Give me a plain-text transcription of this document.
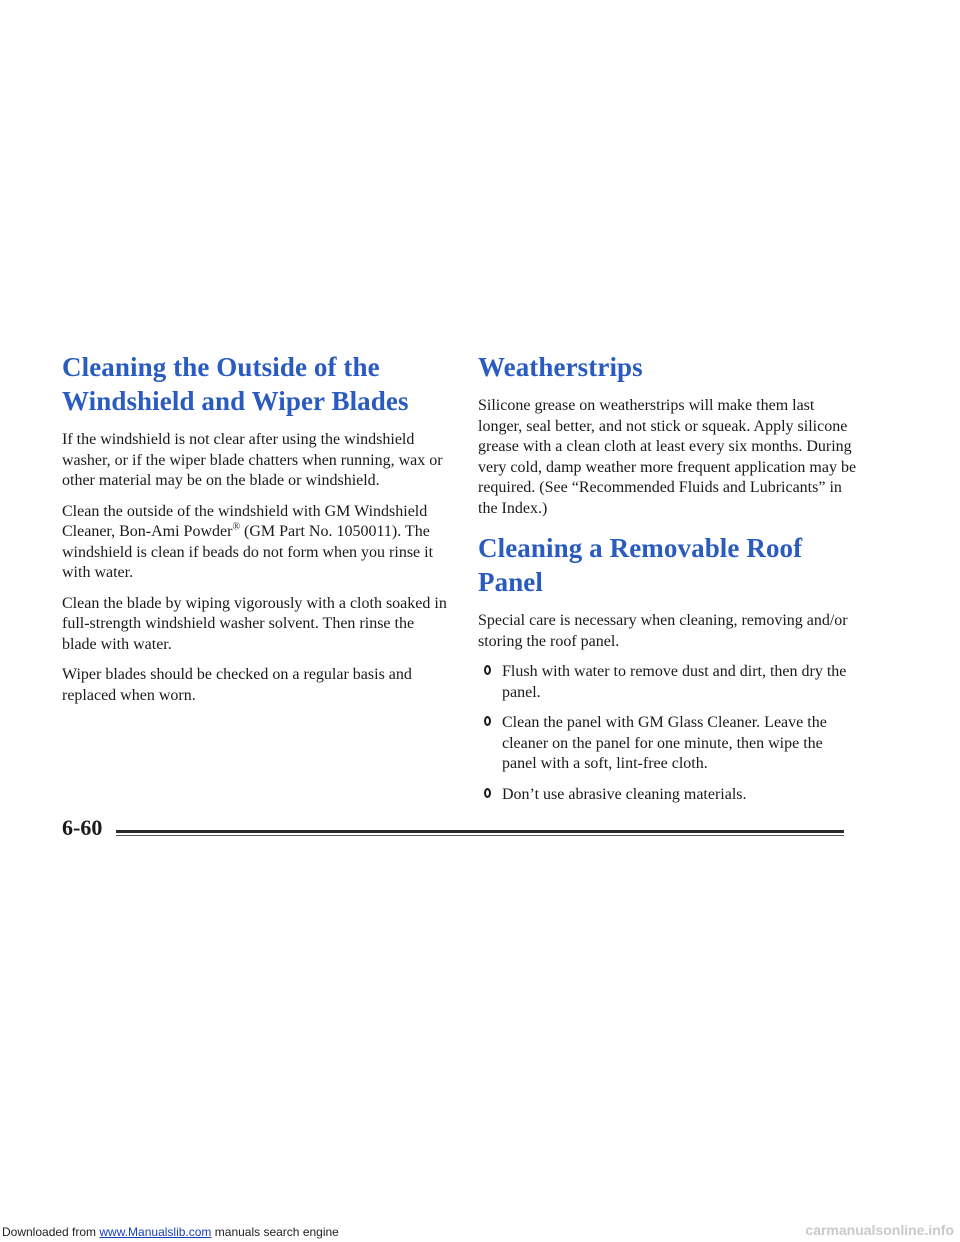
Cleaning the Outside of the Windshield and Wiper Blades

If the windshield is not clear after using the windshield washer, or if the wiper blade chatters when running, wax or other material may be on the blade or windshield.

Clean the outside of the windshield with GM Windshield Cleaner, Bon-Ami Powder® (GM Part No. 1050011). The windshield is clean if beads do not form when you rinse it with water.

Clean the blade by wiping vigorously with a cloth soaked in full-strength windshield washer solvent. Then rinse the blade with water.

Wiper blades should be checked on a regular basis and replaced when worn.

Weatherstrips

Silicone grease on weatherstrips will make them last longer, seal better, and not stick or squeak. Apply silicone grease with a clean cloth at least every six months. During very cold, damp weather more frequent application may be required. (See “Recommended Fluids and Lubricants” in the Index.)

Cleaning a Removable Roof Panel

Special care is necessary when cleaning, removing and/or storing the roof panel.

Flush with water to remove dust and dirt, then dry the panel.
Clean the panel with GM Glass Cleaner. Leave the cleaner on the panel for one minute, then wipe the panel with a soft, lint-free cloth.
Don’t use abrasive cleaning materials.
6-60
Downloaded from www.Manualslib.com manuals search engine	carmanualsonline.info
